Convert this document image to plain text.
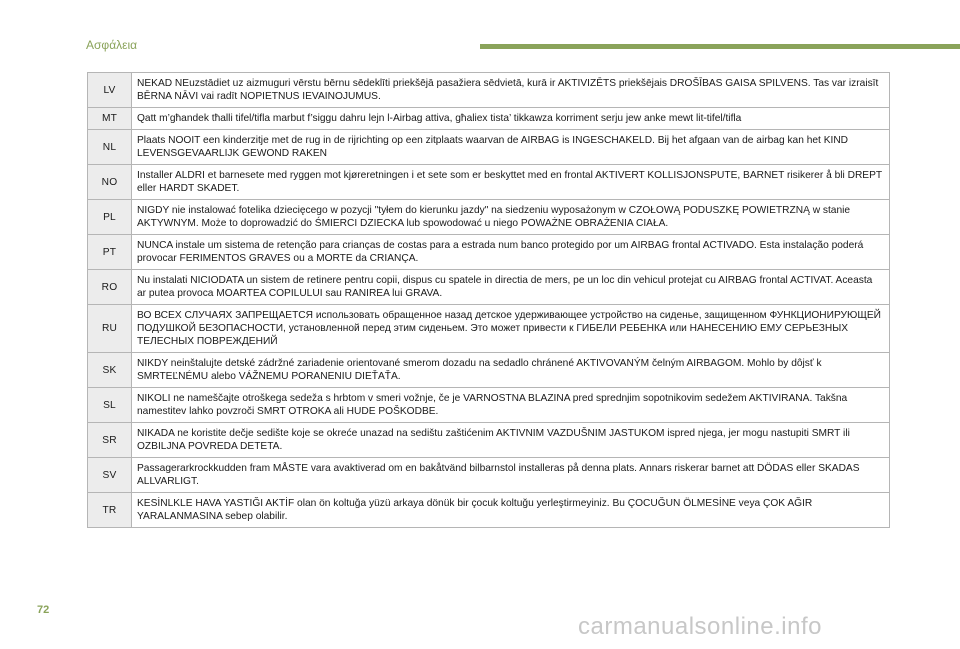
Ασφάλεια
LV	NEKAD NEuzstādiet uz aizmuguri vērstu bērnu sēdeklīti priekšējā pasažiera sēdvietā, kurā ir AKTIVIZĒTS priekšējais DROŠĪBAS GAISA SPILVENS. Tas var izraisīt BĒRNA NĀVI vai radīt NOPIETNUS IEVAINOJUMUS.
MT	Qatt m’għandek tħalli tifel/tifla marbut f’siggu dahru lejn l-Airbag attiva, għaliex tista’ tikkawza korriment serju jew anke mewt lit-tifel/tifla
NL	Plaats NOOIT een kinderzitje met de rug in de rijrichting op een zitplaats waarvan de AIRBAG is INGESCHAKELD. Bij het afgaan van de airbag kan het KIND LEVENSGEVAARLIJK GEWOND RAKEN
NO	Installer ALDRI et barnesete med ryggen mot kjøreretningen i et sete som er beskyttet med en frontal AKTIVERT KOLLISJONSPUTE, BARNET risikerer å bli DREPT eller HARDT SKADET.
PL	NIGDY nie instalować fotelika dziecięcego w pozycji "tyłem do kierunku jazdy" na siedzeniu wyposażonym w CZOŁOWĄ PODUSZKĘ POWIETRZNĄ w stanie AKTYWNYM. Może to doprowadzić do ŚMIERCI DZIECKA lub spowodować u niego POWAŻNE OBRAŻENIA CIAŁA.
PT	NUNCA instale um sistema de retenção para crianças de costas para a estrada num banco protegido por um AIRBAG frontal ACTIVADO. Esta instalação poderá provocar FERIMENTOS GRAVES ou a MORTE da CRIANÇA.
RO	Nu instalati NICIODATA un sistem de retinere pentru copii, dispus cu spatele in directia de mers, pe un loc din vehicul protejat cu AIRBAG frontal ACTIVAT. Aceasta ar putea provoca MOARTEA COPILULUI sau RANIREA lui GRAVA.
RU	ВО ВСЕХ СЛУЧАЯХ ЗАПРЕЩАЕТСЯ использовать обращенное назад детское удерживающее устройство на сиденье, защищенном ФУНКЦИОНИРУЮЩЕЙ ПОДУШКОЙ БЕЗОПАСНОСТИ, установленной перед этим сиденьем. Это может привести к ГИБЕЛИ РЕБЕНКА или НАНЕСЕНИЮ ЕМУ СЕРЬЕЗНЫХ ТЕЛЕСНЫХ ПОВРЕЖДЕНИЙ
SK	NIKDY neinštalujte detské zádržné zariadenie orientované smerom dozadu na sedadlo chránené AKTIVOVANÝM čelným AIRBAGOM. Mohlo by dôjsť k SMRTEĽNÉMU alebo VÁŽNEMU PORANENIU DIEŤAŤA.
SL	NIKOLI ne nameščajte otroškega sedeža s hrbtom v smeri vožnje, če je VARNOSTNA BLAZINA pred sprednjim sopotnikovim sedežem AKTIVIRANA. Takšna namestitev lahko povzroči SMRT OTROKA ali HUDE POŠKODBE.
SR	NIKADA ne koristite dečje sedište koje se okreće unazad na sedištu zaštićenim AKTIVNIM VAZDUŠNIM JASTUKOM ispred njega, jer mogu nastupiti SMRT ili OZBILJNA POVREDA DETETA.
SV	Passagerarkrockkudden fram MÅSTE vara avaktiverad om en bakåtvänd bilbarnstol installeras på denna plats. Annars riskerar barnet att DÖDAS eller SKADAS ALLVARLIGT.
TR	KESİNLKLE HAVA YASTIĞI AKTİF olan ön koltuğa yüzü arkaya dönük bir çocuk koltuğu yerleştirmeyiniz. Bu ÇOCUĞUN ÖLMESİNE veya ÇOK AĞIR YARALANMASINA sebep olabilir.
72
carmanualsonline.info
